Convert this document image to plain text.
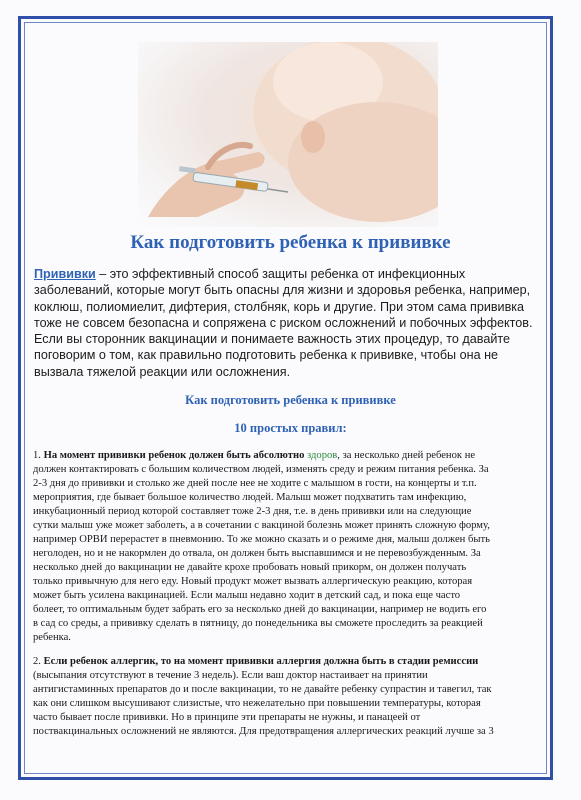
Как подготовить ребенка к прививке
Прививки – это эффективный способ защиты ребенка от инфекционных
заболеваний, которые могут быть опасны для жизни и здоровья ребенка, например,
коклюш, полиомиелит, дифтерия, столбняк, корь и другие. При этом сама прививка
тоже не совсем безопасна и сопряжена с риском осложнений и побочных эффектов.
Если вы сторонник вакцинации и понимаете важность этих процедур, то давайте
поговорим о том, как правильно подготовить ребенка к прививке, чтобы она не
вызвала тяжелой реакции или осложнения.
Как подготовить ребенка к прививке
10 простых правил:
1. На момент прививки ребенок должен быть абсолютно здоров, за несколько дней ребенок не
должен контактировать с большим количеством людей, изменять среду и режим питания ребенка. За
2-3 дня до прививки и столько же дней после нее не ходите с малышом в гости, на концерты и т.п.
мероприятия, где бывает большое количество людей. Малыш может подхватить там инфекцию,
инкубационный период которой составляет тоже 2-3 дня, т.е. в день прививки или на следующие
сутки малыш уже может заболеть, а в сочетании с вакциной болезнь может принять сложную форму,
например ОРВИ перерастет в пневмонию. То же можно сказать и о режиме дня, малыш должен быть
неголоден, но и не накормлен до отвала, он должен быть выспавшимся и не перевозбужденным. За
несколько дней до вакцинации не давайте крохе пробовать новый прикорм, он должен получать
только привычную для него еду. Новый продукт может вызвать аллергическую реакцию, которая
может быть усилена вакцинацией. Если малыш недавно ходит в детский сад, и пока еще часто
болеет, то оптимальным будет забрать его за несколько дней до вакцинации, например не водить его
в сад со среды, а прививку сделать в пятницу, до понедельника вы сможете проследить за реакцией
ребенка.
2. Если ребенок аллергик, то на момент прививки аллергия должна быть в стадии ремиссии
(высыпания отсутствуют в течение 3 недель). Если ваш доктор настаивает на принятии
антигистаминных препаратов до и после вакцинации, то не давайте ребенку супрастин и тавегил, так
как они слишком высушивают слизистые, что нежелательно при повышении температуры, которая
часто бывает после прививки. Но в принципе эти препараты не нужны, и панацеей от
поствакцинальных осложнений не являются. Для предотвращения аллергических реакций лучше за 3
